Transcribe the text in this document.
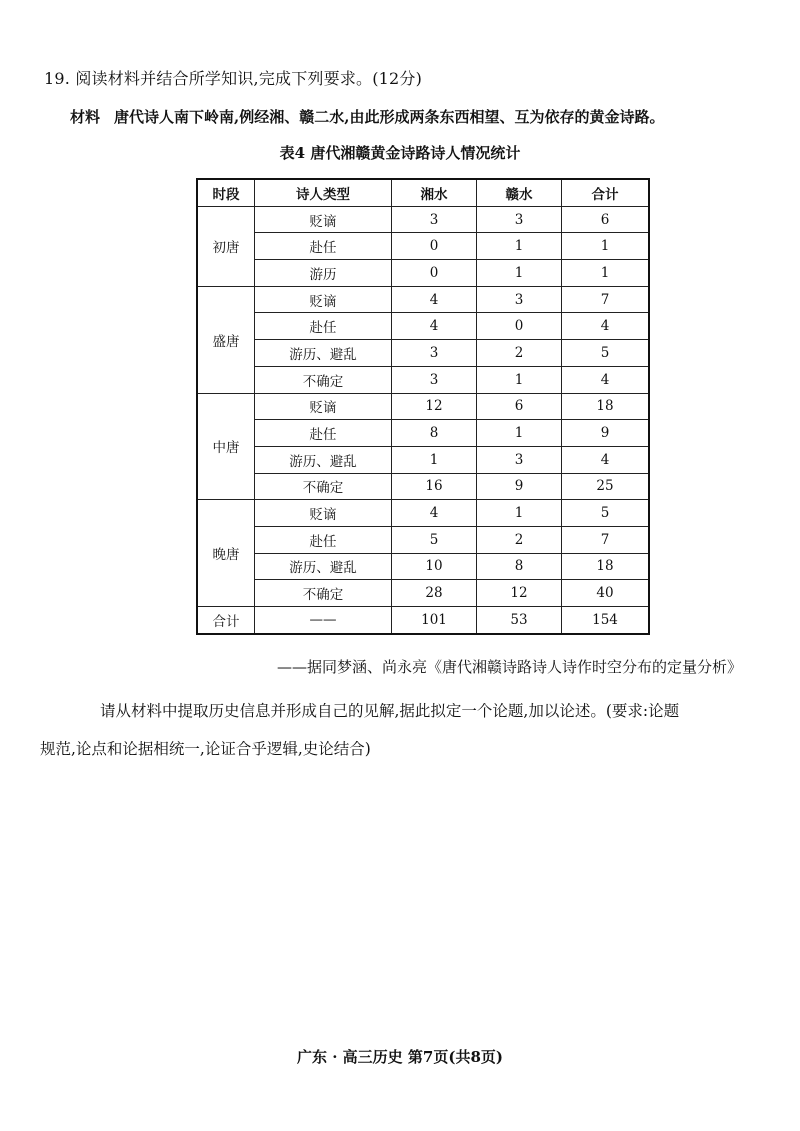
19. 阅读材料并结合所学知识,完成下列要求。(12分)
材料 唐代诗人南下岭南,例经湘、赣二水,由此形成两条东西相望、互为依存的黄金诗路。
表4 唐代湘赣黄金诗路诗人情况统计
时段	诗人类型	湘水	赣水	合计
初唐	贬谪	3	3	6
	赴任	0	1	1
	游历	0	1	1
盛唐	贬谪	4	3	7
	赴任	4	0	4
	游历、避乱	3	2	5
	不确定	3	1	4
中唐	贬谪	12	6	18
	赴任	8	1	9
	游历、避乱	1	3	4
	不确定	16	9	25
晚唐	贬谪	4	1	5
	赴任	5	2	7
	游历、避乱	10	8	18
	不确定	28	12	40
合计	——	101	53	154
——据同梦涵、尚永亮《唐代湘赣诗路诗人诗作时空分布的定量分析》
请从材料中提取历史信息并形成自己的见解,据此拟定一个论题,加以论述。(要求:论题
规范,论点和论据相统一,论证合乎逻辑,史论结合)
广东 · 高三历史 第7页(共8页)
